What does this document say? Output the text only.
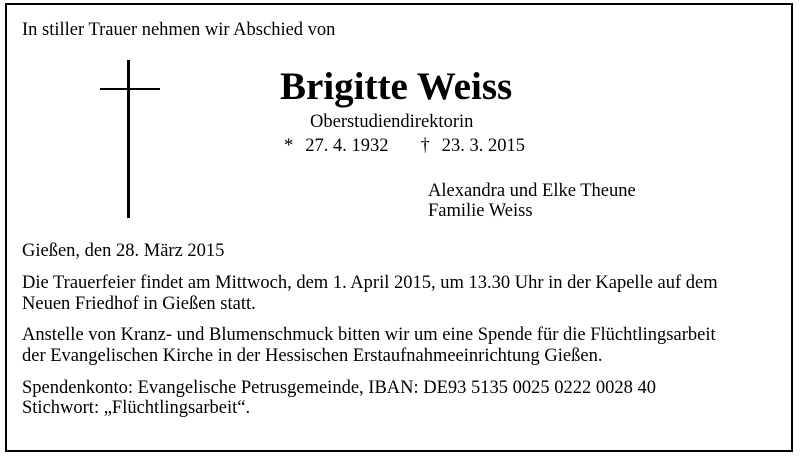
In stiller Trauer nehmen wir Abschied von
Brigitte Weiss
Oberstudiendirektorin
* 27. 4. 1932 † 23. 3. 2015
Alexandra und Elke Theune
Familie Weiss
Gießen, den 28. März 2015
Die Trauerfeier findet am Mittwoch, dem 1. April 2015, um 13.30 Uhr in der Kapelle auf dem
Neuen Friedhof in Gießen statt.
Anstelle von Kranz- und Blumenschmuck bitten wir um eine Spende für die Flüchtlingsarbeit
der Evangelischen Kirche in der Hessischen Erstaufnahmeeinrichtung Gießen.
Spendenkonto: Evangelische Petrusgemeinde, IBAN: DE93 5135 0025 0222 0028 40
Stichwort: „Flüchtlingsarbeit“.
